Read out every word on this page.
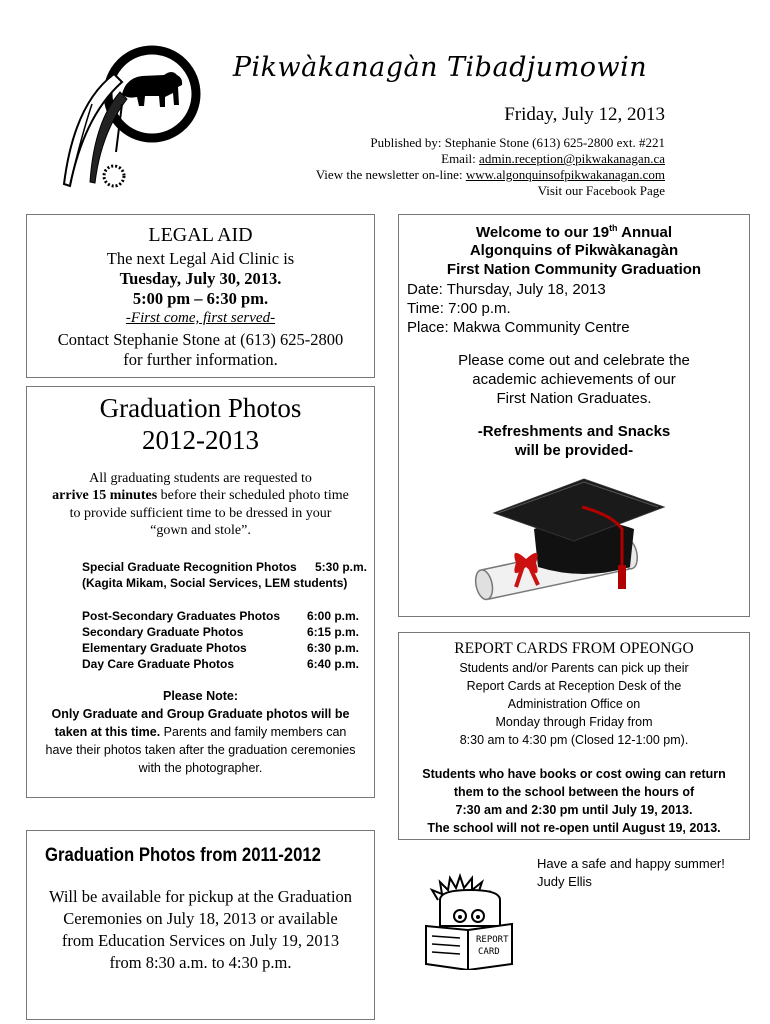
Pikwàkanagàn Tibadjumowin
Friday, July 12, 2013
Published by: Stephanie Stone (613) 625-2800 ext. #221
Email: admin.reception@pikwakanagan.ca
View the newsletter on-line: www.algonquinsofpikwakanagan.com
Visit our Facebook Page
LEGAL AID
The next Legal Aid Clinic is
Tuesday, July 30, 2013.
5:00 pm – 6:30 pm.
-First come, first served-
Contact Stephanie Stone at (613) 625-2800
for further information.
Graduation Photos
2012-2013
All graduating students are requested to
arrive 15 minutes before their scheduled photo time
to provide sufficient time to be dressed in your
“gown and stole”.
Special Graduate Recognition Photos 5:30 p.m.
(Kagita Mikam, Social Services, LEM students)
Post-Secondary Graduates Photos 6:00 p.m.
Secondary Graduate Photos	6:15 p.m.
Elementary Graduate Photos	6:30 p.m.
Day Care Graduate Photos	6:40 p.m.
Please Note:
Only Graduate and Group Graduate photos will be
taken at this time. Parents and family members can
have their photos taken after the graduation ceremonies
with the photographer.
Graduation Photos from 2011-2012
Will be available for pickup at the Graduation
Ceremonies on July 18, 2013 or available
from Education Services on July 19, 2013
from 8:30 a.m. to 4:30 p.m.
Welcome to our 19th Annual
Algonquins of Pikwàkanagàn
First Nation Community Graduation
Date: Thursday, July 18, 2013
Time: 7:00 p.m.
Place: Makwa Community Centre
Please come out and celebrate the
academic achievements of our
First Nation Graduates.
-Refreshments and Snacks
will be provided-
REPORT CARDS FROM OPEONGO
Students and/or Parents can pick up their
Report Cards at Reception Desk of the
Administration Office on
Monday through Friday from
8:30 am to 4:30 pm (Closed 12-1:00 pm).
Students who have books or cost owing can return
them to the school between the hours of
7:30 am and 2:30 pm until July 19, 2013.
The school will not re-open until August 19, 2013.
Have a safe and happy summer!
Judy Ellis
REPORT
CARD
